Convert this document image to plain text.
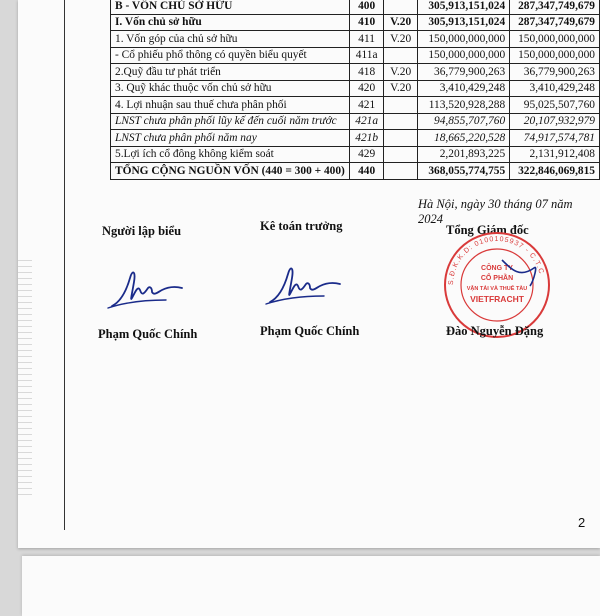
B - VỐN CHỦ SỞ HỮU	400		305,913,151,024	287,347,749,679
I. Vốn chủ sở hữu	410	V.20	305,913,151,024	287,347,749,679
1. Vốn góp của chủ sở hữu	411	V.20	150,000,000,000	150,000,000,000
- Cổ phiếu phổ thông có quyền biểu quyết	411a		150,000,000,000	150,000,000,000
2.Quỹ đầu tư phát triển	418	V.20	36,779,900,263	36,779,900,263
3. Quỹ khác thuộc vốn chủ sở hữu	420	V.20	3,410,429,248	3,410,429,248
4. Lợi nhuận sau thuế chưa phân phối	421		113,520,928,288	95,025,507,760
LNST chưa phân phối lũy kế đến cuối năm trước	421a		94,855,707,760	20,107,932,979
LNST chưa phân phối năm nay	421b		18,665,220,528	74,917,574,781
5.Lợi ích cổ đông không kiểm soát	429		2,201,893,225	2,131,912,408
TỔNG CỘNG NGUỒN VỐN (440 = 300 + 400)	440		368,055,774,755	322,846,069,815
Hà Nội, ngày 30 tháng 07 năm 2024
Người lập biểu	Kê toán trưởng	Tổng Giám đốc
S.Đ.K.K.D: 0100105937 - C.T.C
CÔNG TY
CỔ PHẦN
VẬN TẢI VÀ THUÊ TÀU
VIETFRACHT
Phạm Quốc Chính	Phạm Quốc Chính	Đào Nguyễn Đặng
2
